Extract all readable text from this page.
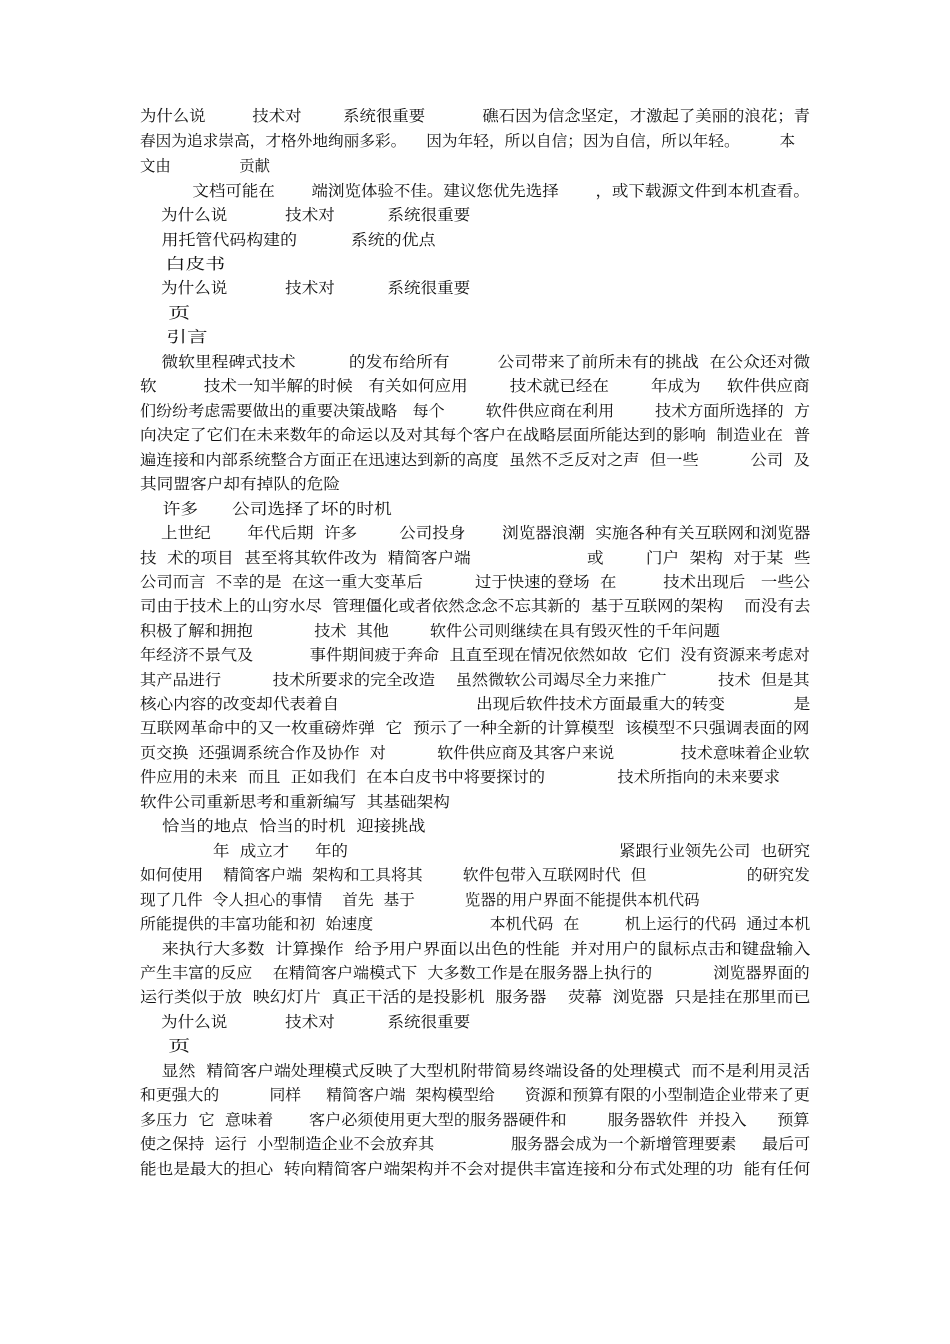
为什么说         技术对        系统很重要           礁石因为信念坚定，才激起了美丽的浪花；青
春因为追求崇高，才格外地绚丽多彩。    因为年轻，所以自信；因为自信，所以年轻。        本
文由              贡献
文档可能在       端浏览体验不佳。建议您优先选择       ，或下载源文件到本机查看。
为什么说           技术对          系统很重要
用托管代码构建的          系统的优点
白皮书
为什么说           技术对          系统很重要
页
引言
微软里程碑式技术          的发布给所有         公司带来了前所未有的挑战  在公众还对微
软         技术一知半解的时候   有关如何应用        技术就已经在        年成为     软件供应商
们纷纷考虑需要做出的重要决策战略   每个        软件供应商在利用        技术方面所选择的  方
向决定了它们在未来数年的命运以及对其每个客户在战略层面所能达到的影响  制造业在  普
遍连接和内部系统整合方面正在迅速达到新的高度  虽然不乏反对之声  但一些          公司  及
其同盟客户却有掉队的危险
许多      公司选择了坏的时机
上世纪       年代后期  许多        公司投身       浏览器浪潮  实施各种有关互联网和浏览器
技  术的项目  甚至将其软件改为  精简客户端                      或        门户  架构  对于某  些
公司而言  不幸的是  在这一重大变革后          过于快速的登场  在         技术出现后   一些公
司由于技术上的山穷水尽  管理僵化或者依然念念不忘其新的  基于互联网的架构    而没有去
积极了解和拥抱            技术  其他        软件公司则继续在具有毁灭性的千年问题
年经济不景气及           事件期间疲于奔命  且直至现在情况依然如故  它们  没有资源来考虑对
其产品进行          技术所要求的完全改造    虽然微软公司竭尽全力来推广          技术  但是其
核心内容的改变却代表着自                          出现后软件技术方面最重大的转变             是
互联网革命中的又一枚重磅炸弹  它  预示了一种全新的计算模型  该模型不只强调表面的网
页交换  还强调系统合作及协作  对          软件供应商及其客户来说             技术意味着企业软
件应用的未来  而且  正如我们  在本白皮书中将要探讨的              技术所指向的未来要求
软件公司重新思考和重新编写  其基础架构
恰当的地点  恰当的时机  迎接挑战
年  成立才     年的                                                    紧跟行业领先公司  也研究
如何使用    精简客户端  架构和工具将其        软件包带入互联网时代  但                    的研究发
现了几件  令人担心的事情    首先  基于          览器的用户界面不能提供本机代码
所能提供的丰富功能和初  始速度                       本机代码  在         机上运行的代码  通过本机
来执行大多数  计算操作  给予用户界面以出色的性能  并对用户的鼠标点击和键盘输入
产生丰富的反应    在精简客户端模式下  大多数工作是在服务器上执行的            浏览器界面的
运行类似于放  映幻灯片  真正干活的是投影机  服务器    荧幕  浏览器  只是挂在那里而已
为什么说           技术对          系统很重要
页
显然  精简客户端处理模式反映了大型机附带简易终端设备的处理模式  而不是利用灵活
和更强大的          同样     精简客户端  架构模型给      资源和预算有限的小型制造企业带来了更
多压力  它  意味着       客户必须使用更大型的服务器硬件和        服务器软件  并投入      预算
使之保持  运行  小型制造企业不会放弃其               服务器会成为一个新增管理要素     最后可
能也是最大的担心  转向精简客户端架构并不会对提供丰富连接和分布式处理的功  能有任何
